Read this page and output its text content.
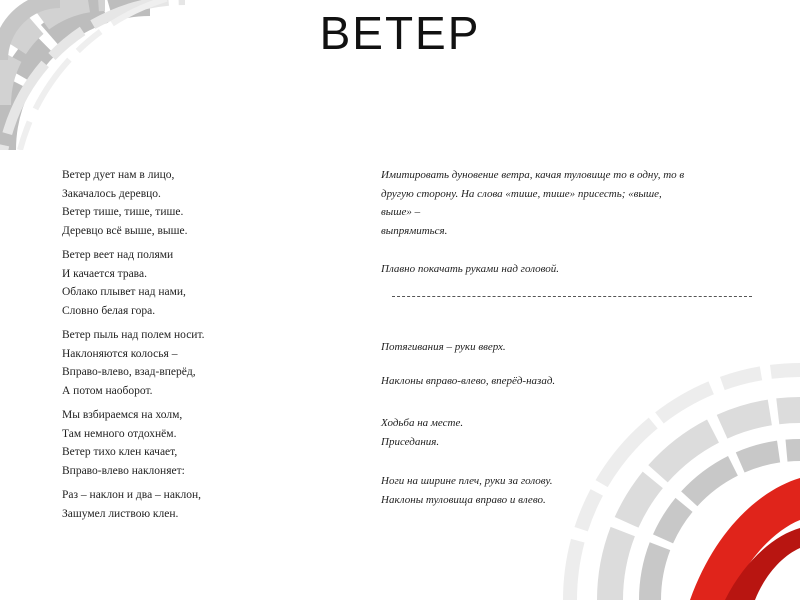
ВЕТЕР
Ветер дует нам в лицо,
Закачалось деревцо.
Ветер тише, тише, тише.
Деревцо всё выше, выше.
Ветер веет над полями
И качается трава.
Облако плывет над нами,
Словно белая гора.
Ветер пыль над полем носит.
Наклоняются колосья –
Вправо-влево, взад-вперёд,
А потом наоборот.
Мы взбираемся на холм,
Там немного отдохнём.
Ветер тихо клен качает,
Вправо-влево наклоняет:
Раз – наклон и два – наклон,
Зашумел листвою клен.
Имитировать дуновение ветра, качая туловище то в одну, то в
другую сторону. На слова «тише, тише» присесть; «выше,
выше» –
выпрямиться.
Плавно покачать руками над головой.
Потягивания – руки вверх.
Наклоны вправо-влево, вперёд-назад.
Ходьба на месте.
Приседания.
Ноги на ширине плеч, руки за голову.
Наклоны туловища вправо и влево.
